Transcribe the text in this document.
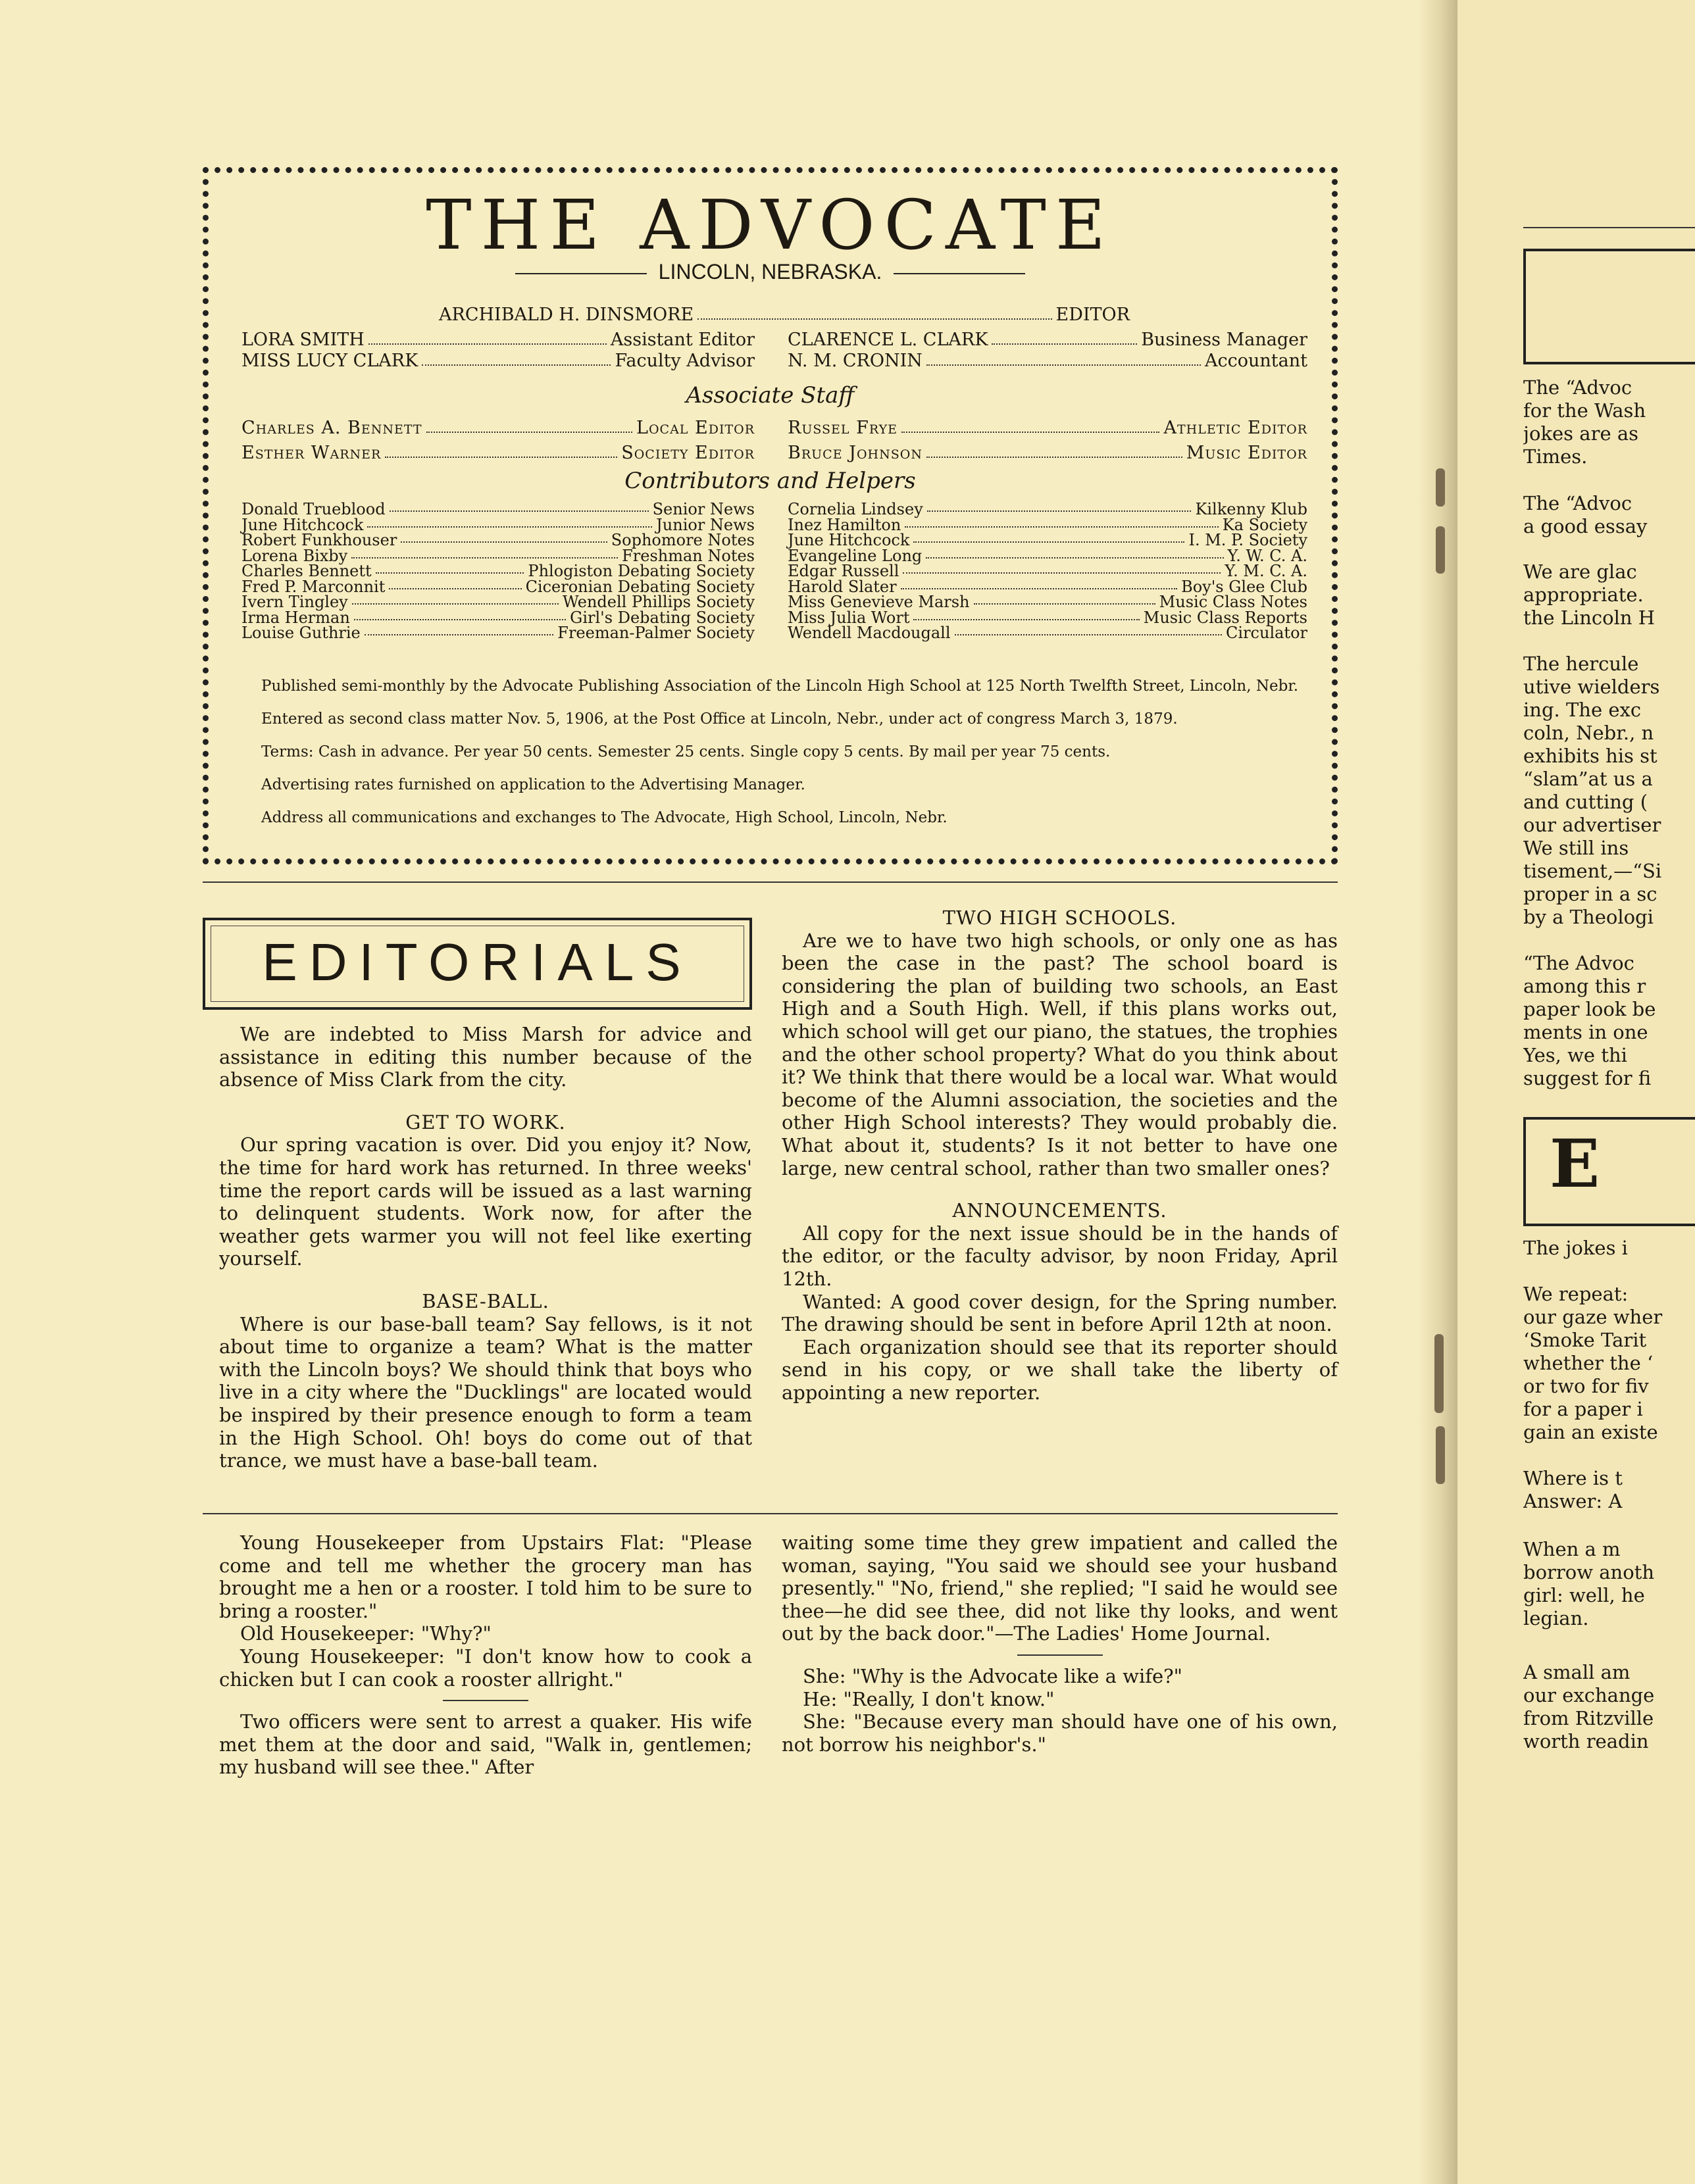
E
The “Advoc
for the Wash
jokes are as
Times.
The “Advoc
a good essay
We are glac
appropriate.
the Lincoln H
The hercule
utive wielders
ing. The exc
coln, Nebr., n
exhibits his st
“slam”at us a
and cutting (
our advertiser
We still ins
tisement,—“Si
proper in a sc
by a Theologi
“The Advoc
among this r
paper look be
ments in one
Yes, we thi
suggest for fi
The jokes i
We repeat:
our gaze wher
‘Smoke Tarit
whether the ‘
or two for fiv
for a paper i
gain an existe
Where is t
Answer: A
When a m
borrow anoth
girl: well, he
legian.
A small am
our exchange
from Ritzville
worth readin
THE ADVOCATE
LINCOLN, NEBRASKA.
ARCHIBALD H. DINSMORE	EDITOR
LORA SMITH	Assistant Editor CLARENCE L. CLARK	Business Manager
MISS LUCY CLARK	Faculty Advisor N. M. CRONIN	Accountant
Associate Staff
Charles A. Bennett	Local Editor Russel Frye	Athletic Editor
Esther Warner	Society Editor Bruce Johnson	Music Editor
Contributors and Helpers
Donald Trueblood	Senior News
June Hitchcock	Junior News
Robert Funkhouser	Sophomore Notes
Lorena Bixby	Freshman Notes
Charles Bennett	Phlogiston Debating Society
Fred P. Marconnit	Ciceronian Debating Society
Ivern Tingley	Wendell Phillips Society
Irma Herman	Girl's Debating Society
Louise Guthrie	Freeman-Palmer Society
Cornelia Lindsey	Kilkenny Klub
Inez Hamilton	Ka Society
June Hitchcock	I. M. P. Society
Evangeline Long	Y. W. C. A.
Edgar Russell	Y. M. C. A.
Harold Slater	Boy's Glee Club
Miss Genevieve Marsh	Music Class Notes
Miss Julia Wort	Music Class Reports
Wendell Macdougall	Circulator

Published semi-monthly by the Advocate Publishing Association of the Lincoln High School at 125 North Twelfth Street, Lincoln, Nebr.

Entered as second class matter Nov. 5, 1906, at the Post Office at Lincoln, Nebr., under act of congress March 3, 1879.

Terms: Cash in advance. Per year 50 cents. Semester 25 cents. Single copy 5 cents. By mail per year 75 cents.

Advertising rates furnished on application to the Advertising Manager.

Address all communications and exchanges to The Advocate, High School, Lincoln, Nebr.

EDITORIALS

We are indebted to Miss Marsh for advice and assistance in editing this number because of the absence of Miss Clark from the city.

GET TO WORK.

Our spring vacation is over. Did you enjoy it? Now, the time for hard work has returned. In three weeks' time the report cards will be issued as a last warning to delinquent students. Work now, for after the weather gets warmer you will not feel like exerting yourself.

BASE-BALL.

Where is our base-ball team? Say fellows, is it not about time to organize a team? What is the matter with the Lincoln boys? We should think that boys who live in a city where the "Ducklings" are located would be inspired by their presence enough to form a team in the High School. Oh! boys do come out of that trance, we must have a base-ball team.

TWO HIGH SCHOOLS.

Are we to have two high schools, or only one as has been the case in the past? The school board is considering the plan of building two schools, an East High and a South High. Well, if this plans works out, which school will get our piano, the statues, the trophies and the other school property? What do you think about it? We think that there would be a local war. What would become of the Alumni association, the societies and the other High School interests? They would probably die. What about it, students? Is it not better to have one large, new central school, rather than two smaller ones?

ANNOUNCEMENTS.

All copy for the next issue should be in the hands of the editor, or the faculty advisor, by noon Friday, April 12th.

Wanted: A good cover design, for the Spring number. The drawing should be sent in before April 12th at noon.

Each organization should see that its reporter should send in his copy, or we shall take the liberty of appointing a new reporter.

Young Housekeeper from Upstairs Flat: "Please come and tell me whether the grocery man has brought me a hen or a rooster. I told him to be sure to bring a rooster."

Old Housekeeper: "Why?"

Young Housekeeper: "I don't know how to cook a chicken but I can cook a rooster allright."

Two officers were sent to arrest a quaker. His wife met them at the door and said, "Walk in, gentlemen; my husband will see thee." After

waiting some time they grew impatient and called the woman, saying, "You said we should see your husband presently." "No, friend," she replied; "I said he would see thee—he did see thee, did not like thy looks, and went out by the back door."—The Ladies' Home Journal.

She: "Why is the Advocate like a wife?"

He: "Really, I don't know."

She: "Because every man should have one of his own, not borrow his neighbor's."
